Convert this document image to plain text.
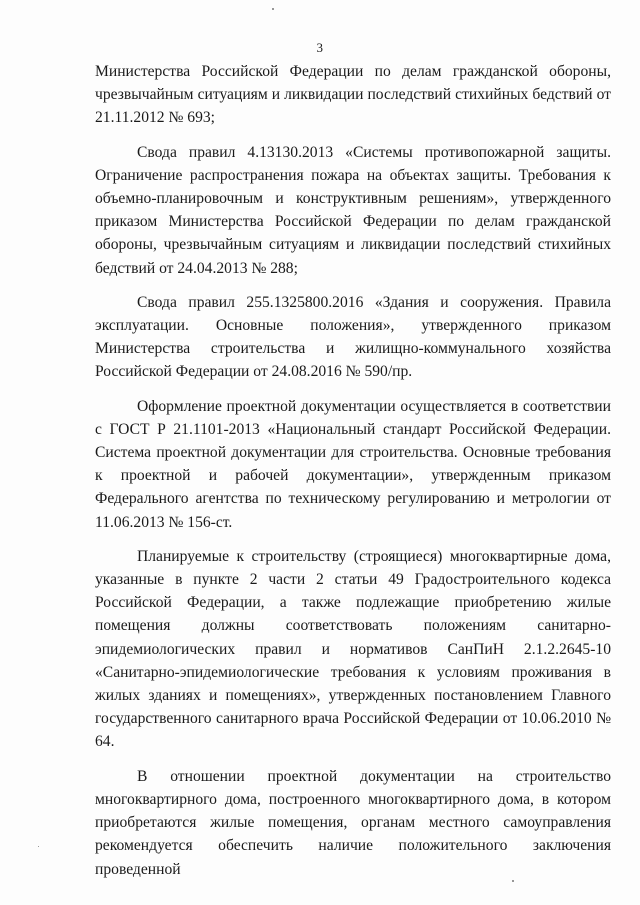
3

Министерства Российской Федерации по делам гражданской обороны, чрезвычайным ситуациям и ликвидации последствий стихийных бедствий от 21.11.2012 № 693;

Свода правил 4.13130.2013 «Системы противопожарной защиты. Ограничение распространения пожара на объектах защиты. Требования к объемно-планировочным и конструктивным решениям», утвержденного приказом Министерства Российской Федерации по делам гражданской обороны, чрезвычайным ситуациям и ликвидации последствий стихийных бедствий от 24.04.2013 № 288;

Свода правил 255.1325800.2016 «Здания и сооружения. Правила эксплуатации. Основные положения», утвержденного приказом Министерства строительства и жилищно-коммунального хозяйства Российской Федерации от 24.08.2016 № 590/пр.

Оформление проектной документации осуществляется в соответствии с ГОСТ Р 21.1101-2013 «Национальный стандарт Российской Федерации. Система проектной документации для строительства. Основные требования к проектной и рабочей документации», утвержденным приказом Федерального агентства по техническому регулированию и метрологии от 11.06.2013 № 156-ст.

Планируемые к строительству (строящиеся) многоквартирные дома, указанные в пункте 2 части 2 статьи 49 Градостроительного кодекса Российской Федерации, а также подлежащие приобретению жилые помещения должны соответствовать положениям санитарно-эпидемиологических правил и нормативов СанПиН 2.1.2.2645-10 «Санитарно-эпидемиологические требования к условиям проживания в жилых зданиях и помещениях», утвержденных постановлением Главного государственного санитарного врача Российской Федерации от 10.06.2010 № 64.

В отношении проектной документации на строительство многоквартирного дома, построенного многоквартирного дома, в котором приобретаются жилые помещения, органам местного самоуправления рекомендуется обеспечить наличие положительного заключения проведенной
